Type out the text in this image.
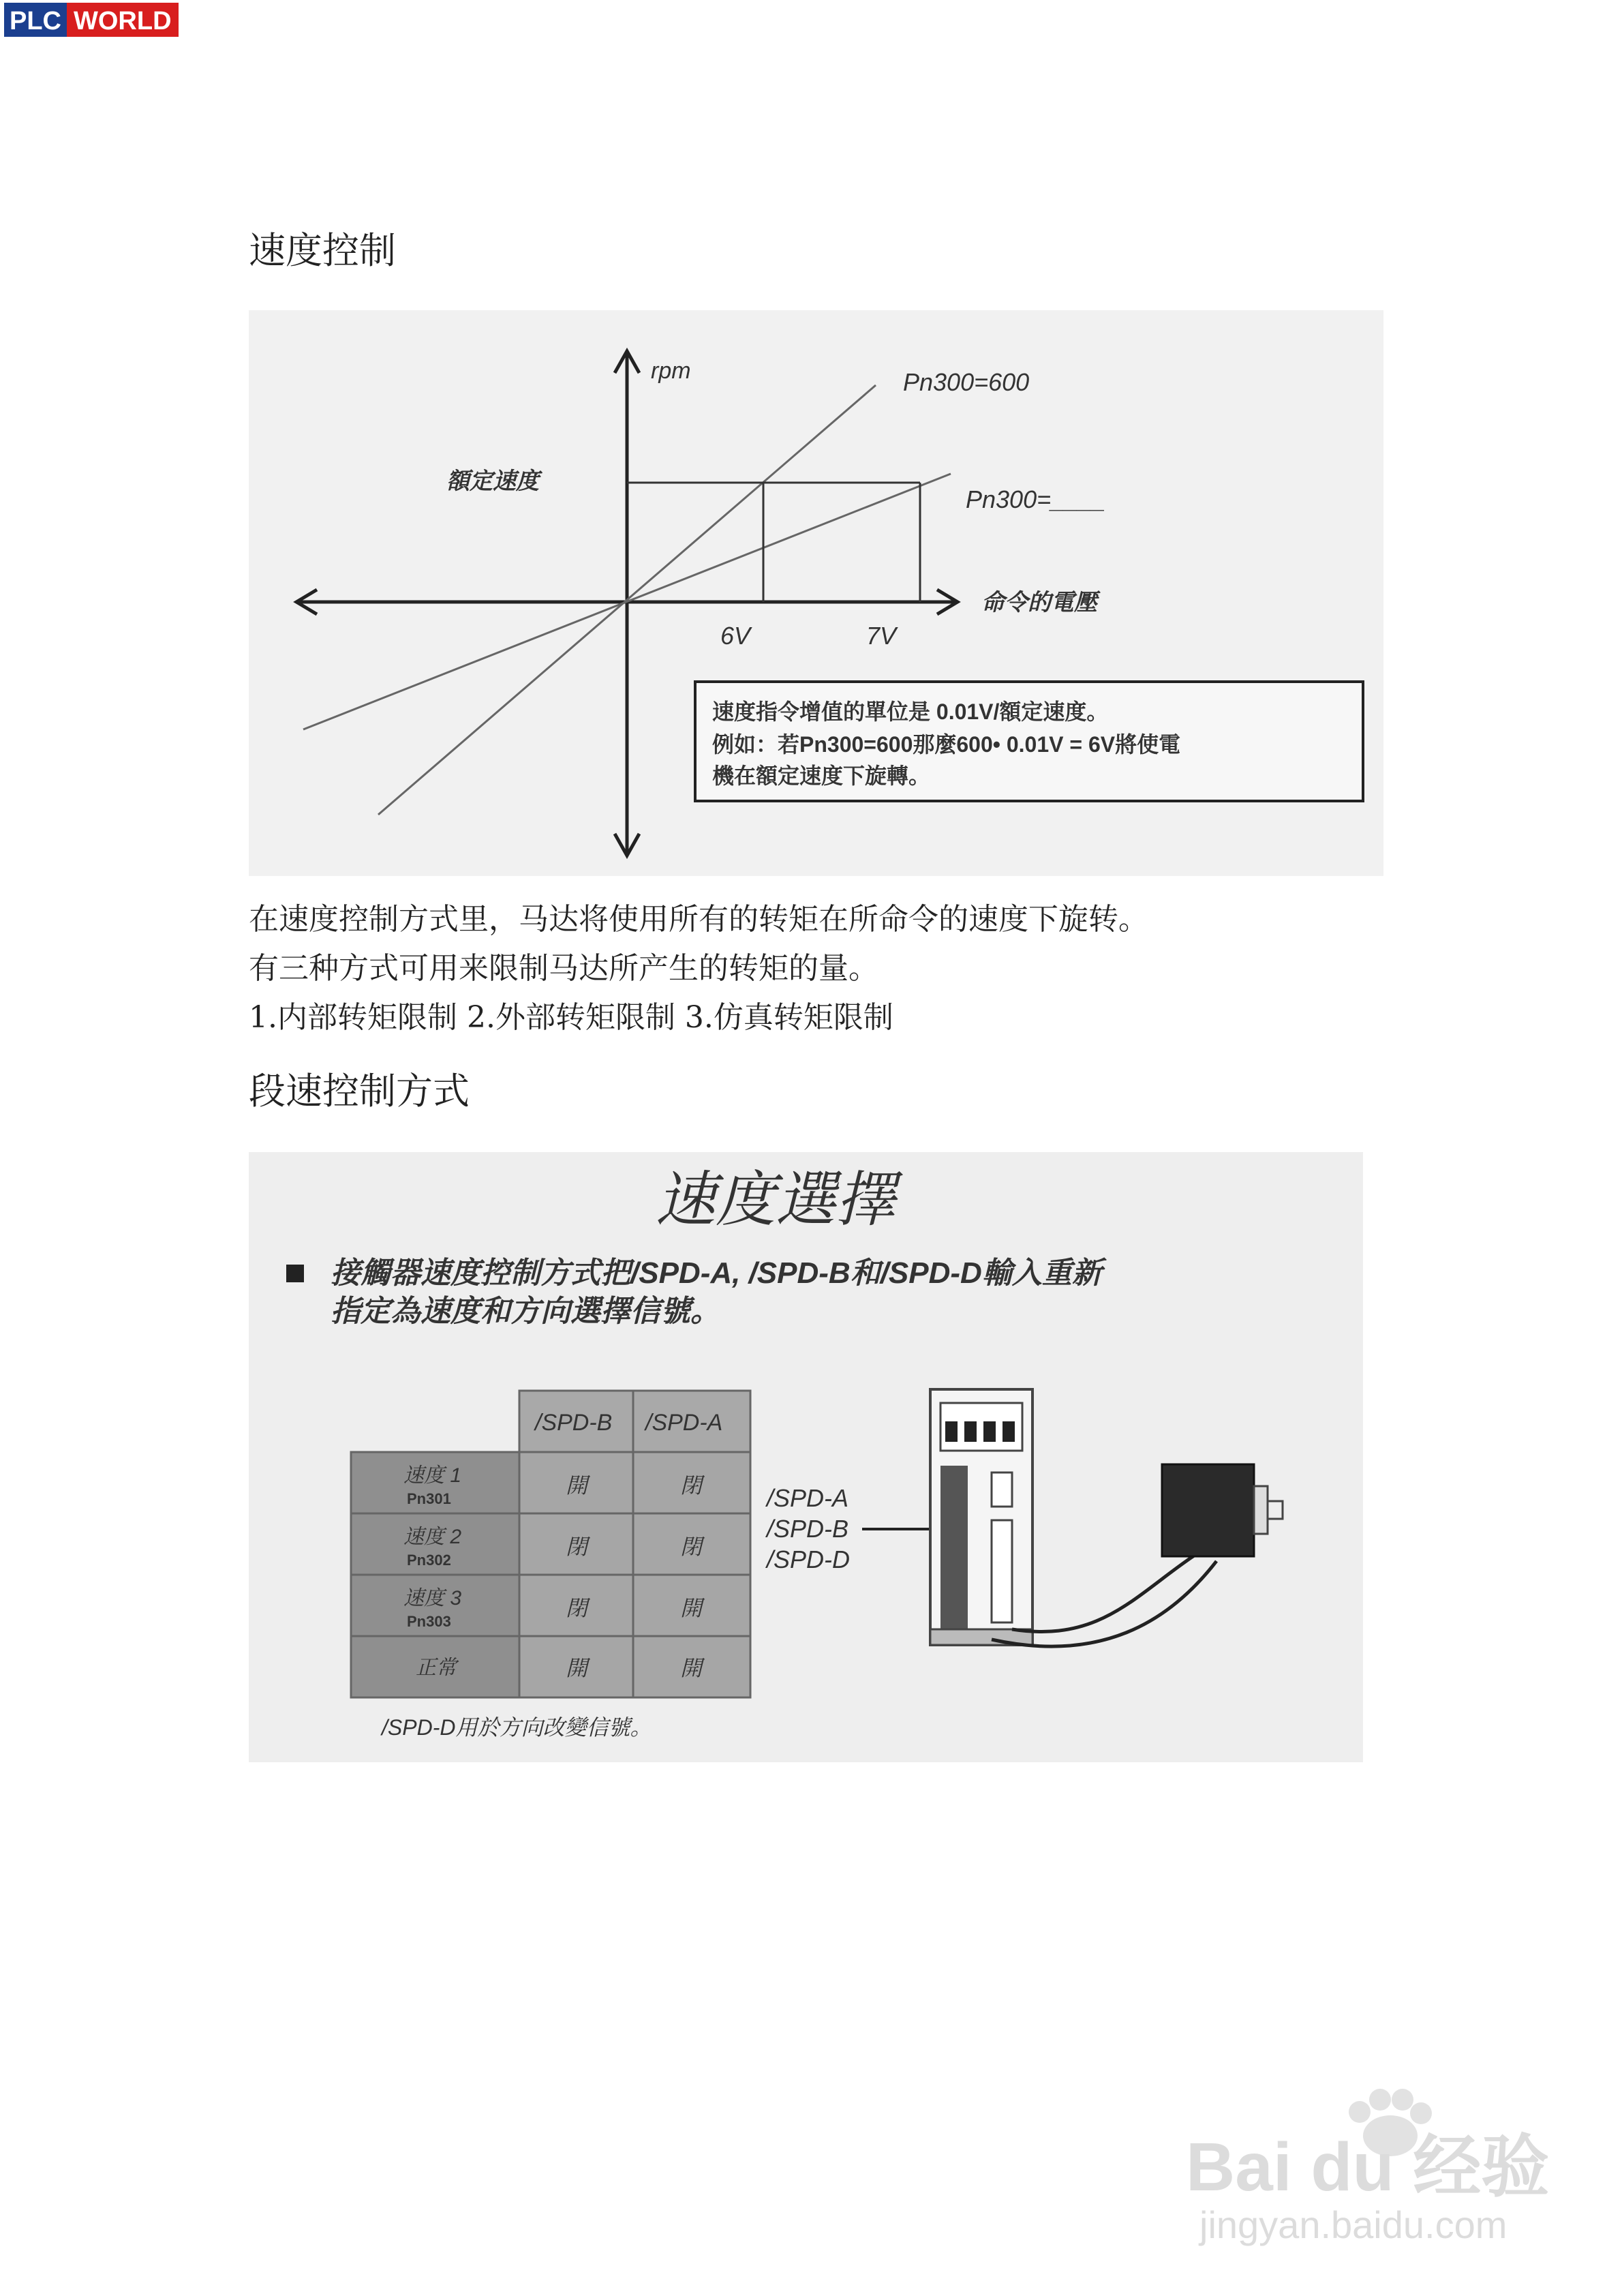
PLC WORLD
速度控制
rpm	Pn300=600
Pn300=____
額定速度
命令的電壓
6V	7V
速度指令增值的單位是 0.01V/額定速度。
例如：若Pn300=600那麼600• 0.01V = 6V將使電
機在額定速度下旋轉。
在速度控制方式里，马达将使用所有的转矩在所命令的速度下旋转。
有三种方式可用来限制马达所产生的转矩的量。
1.内部转矩限制 2.外部转矩限制 3.仿真转矩限制
段速控制方式
速度選擇
接觸器速度控制方式把/SPD-A, /SPD-B和/SPD-D輸入重新
指定為速度和方向選擇信號。
/SPD-B /SPD-A
速度 1
Pn301
開	閉
速度 2
Pn302
閉	閉
速度 3
Pn303
閉	開
正常	開	開
/SPD-D用於方向改變信號。
/SPD-A
/SPD-B
/SPD-D
Bai du 经验
jingyan.baidu.com
